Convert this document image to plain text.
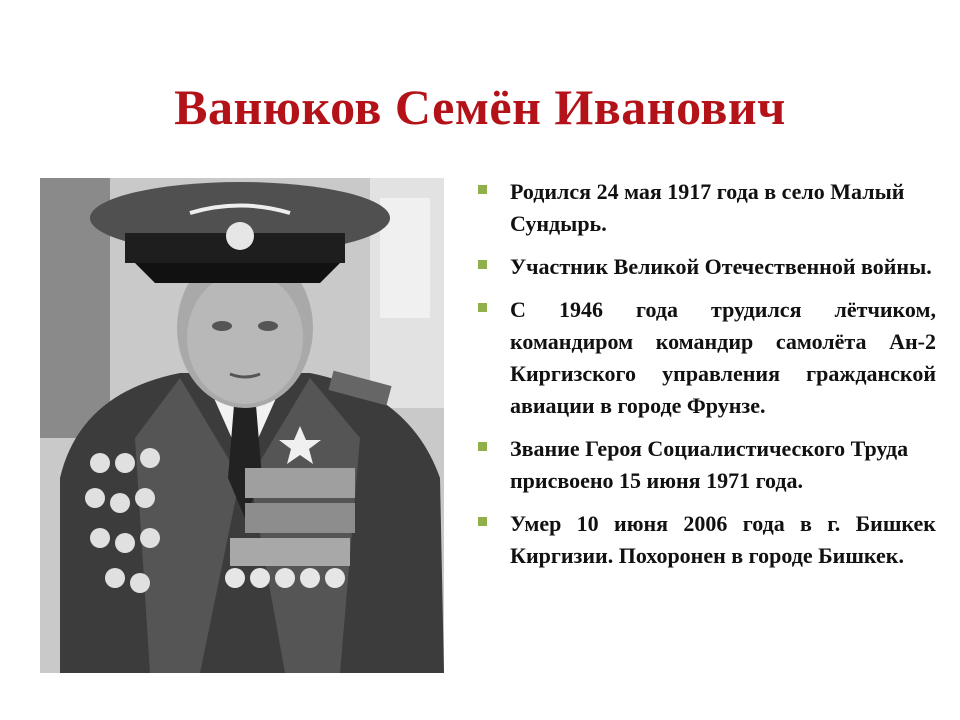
Ванюков Семён Иванович
Родился 24 мая 1917 года в село Малый Сундырь.
Участник Великой Отечественной войны.
С 1946 года трудился лётчиком, командиром командир самолёта Ан-2 Киргизского управления гражданской авиации в городе Фрунзе.
Звание Героя Социалистического Труда присвоено 15 июня 1971 года.
Умер 10 июня 2006 года в г. Бишкек Киргизии. Похоронен в городе Бишкек.
